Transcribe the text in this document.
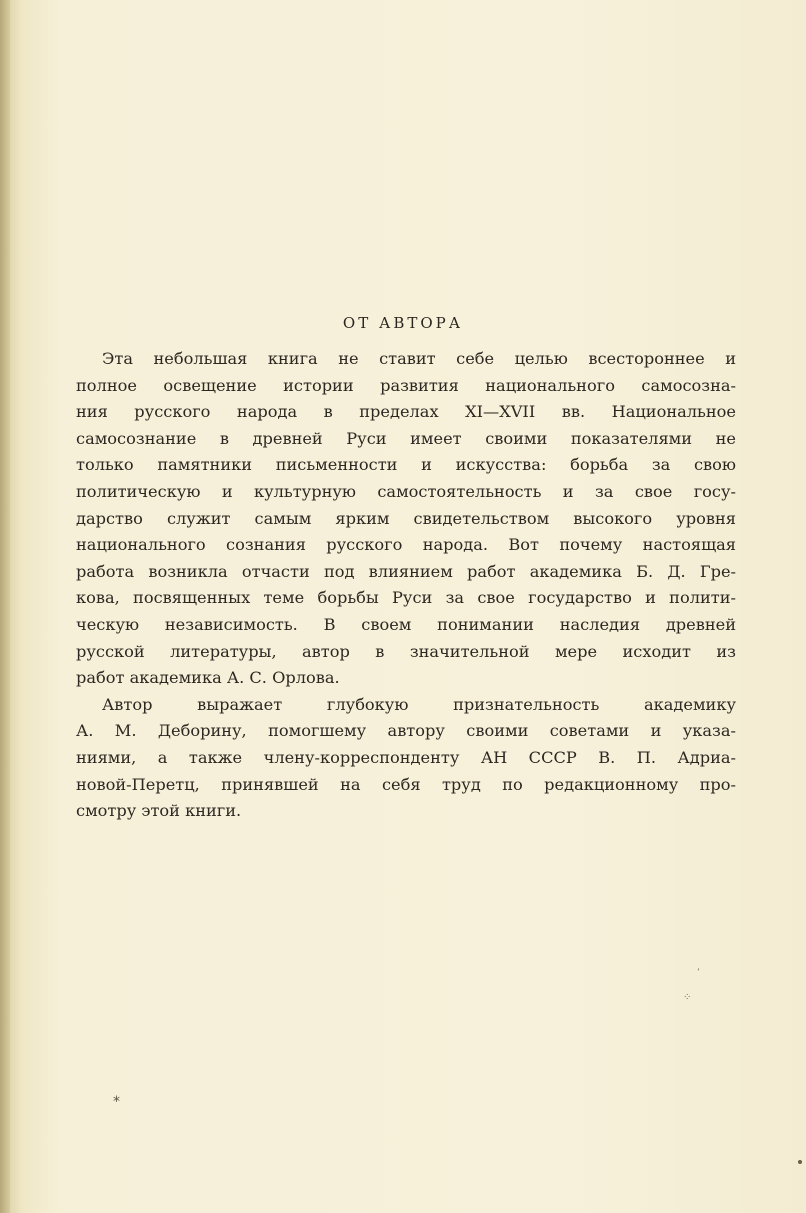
ОТ АВТОРА
Эта небольшая книга не ставит себе целью всестороннее и
полное освещение истории развития национального самосозна-
ния русского народа в пределах XI—XVII вв. Национальное
самосознание в древней Руси имеет своими показателями не
только памятники письменности и искусства: борьба за свою
политическую и культурную самостоятельность и за свое госу-
дарство служит самым ярким свидетельством высокого уровня
национального сознания русского народа. Вот почему настоящая
работа возникла отчасти под влиянием работ академика Б. Д. Гре-
кова, посвященных теме борьбы Руси за свое государство и полити-
ческую независимость. В своем понимании наследия древней
русской литературы, автор в значительной мере исходит из
работ академика А. С. Орлова.
Автор выражает глубокую признательность академику
А. М. Деборину, помогшему автору своими советами и указа-
ниями, а также члену-корреспонденту АН СССР В. П. Адриа-
новой-Перетц, принявшей на себя труд по редакционному про-
смотру этой книги.
*
ʼ
⁘
